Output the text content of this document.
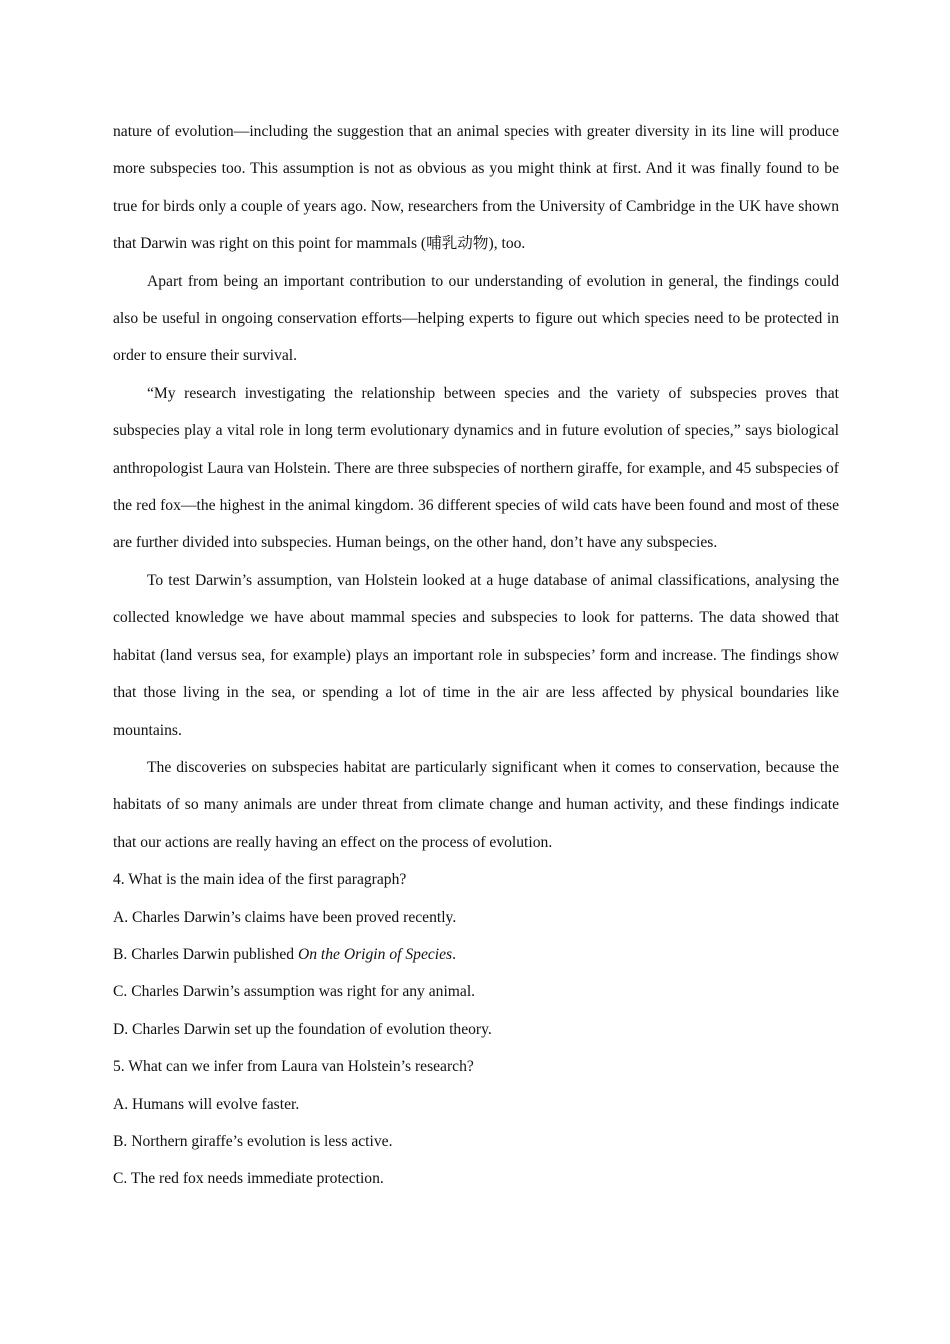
nature of evolution—including the suggestion that an animal species with greater diversity in its line will produce more subspecies too. This assumption is not as obvious as you might think at first. And it was finally found to be true for birds only a couple of years ago. Now, researchers from the University of Cambridge in the UK have shown that Darwin was right on this point for mammals (哺乳动物), too.

Apart from being an important contribution to our understanding of evolution in general, the findings could also be useful in ongoing conservation efforts—helping experts to figure out which species need to be protected in order to ensure their survival.

“My research investigating the relationship between species and the variety of subspecies proves that subspecies play a vital role in long term evolutionary dynamics and in future evolution of species,” says biological anthropologist Laura van Holstein. There are three subspecies of northern giraffe, for example, and 45 subspecies of the red fox—the highest in the animal kingdom. 36 different species of wild cats have been found and most of these are further divided into subspecies. Human beings, on the other hand, don’t have any subspecies.

To test Darwin’s assumption, van Holstein looked at a huge database of animal classifications, analysing the collected knowledge we have about mammal species and subspecies to look for patterns. The data showed that habitat (land versus sea, for example) plays an important role in subspecies’ form and increase. The findings show that those living in the sea, or spending a lot of time in the air are less affected by physical boundaries like mountains.

The discoveries on subspecies habitat are particularly significant when it comes to conservation, because the habitats of so many animals are under threat from climate change and human activity, and these findings indicate that our actions are really having an effect on the process of evolution.

4. What is the main idea of the first paragraph?

A. Charles Darwin’s claims have been proved recently.

B. Charles Darwin published On the Origin of Species.

C. Charles Darwin’s assumption was right for any animal.

D. Charles Darwin set up the foundation of evolution theory.

5. What can we infer from Laura van Holstein’s research?

A. Humans will evolve faster.

B. Northern giraffe’s evolution is less active.

C. The red fox needs immediate protection.
